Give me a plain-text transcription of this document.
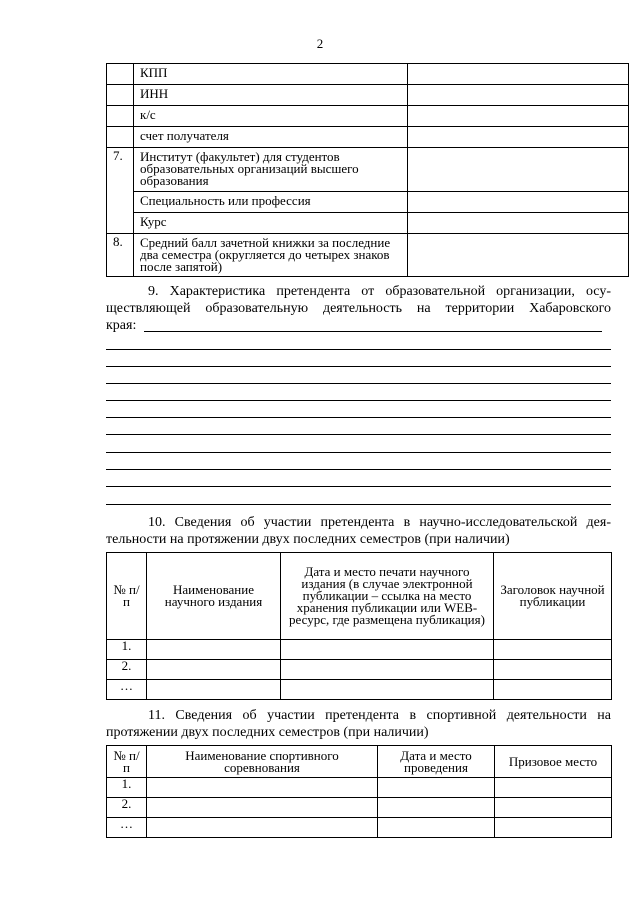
2
	КПП	
	ИНН	
	к/с	
	счет получателя	
7.	Институт (факультет) для студентов образовательных организаций высшего образования	
	Специальность или профессия	
	Курс	
8.	Средний балл зачетной книжки за последние два семестра (округляется до четырех знаков после запятой)	
9. Характеристика претендента от образовательной организации, осу-
ществляющей образовательную деятельность на территории Хабаровского
края:
10. Сведения об участии претендента в научно-исследовательской дея-
тельности на протяжении двух последних семестров (при наличии)
№ п/п	Наименование научного издания	Дата и место печати научного издания (в случае электронной публикации – ссылка на место хранения публикации или WEB-ресурс, где размещена публикация)	Заголовок научной публикации
1.			
2.			
…			
11. Сведения об участии претендента в спортивной деятельности на
протяжении двух последних семестров (при наличии)
№ п/п	Наименование спортивного соревнования	Дата и место проведения	Призовое место
1.			
2.			
…			
